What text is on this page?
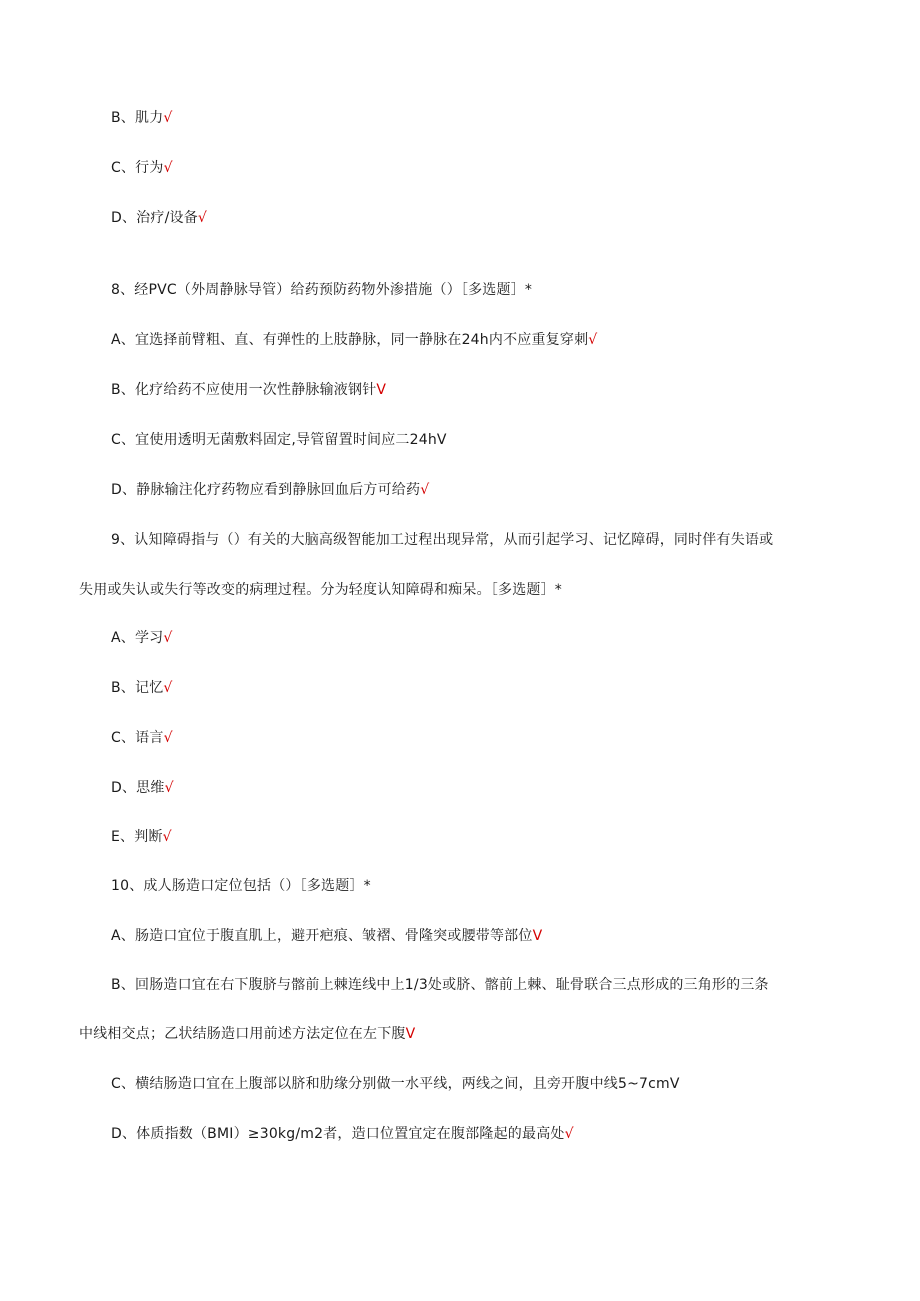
B、肌力√
C、行为√
D、治疗/设备√
8、经PVC（外周静脉导管）给药预防药物外渗措施（）［多选题］*
A、宜选择前臂粗、直、有弹性的上肢静脉，同一静脉在24h内不应重复穿刺√
B、化疗给药不应使用一次性静脉输液钢针V
C、宜使用透明无菌敷料固定,导管留置时间应二24hV
D、静脉输注化疗药物应看到静脉回血后方可给药√
9、认知障碍指与（）有关的大脑高级智能加工过程出现异常，从而引起学习、记忆障碍，同时伴有失语或
失用或失认或失行等改变的病理过程。分为轻度认知障碍和痴呆。［多选题］*
A、学习√
B、记忆√
C、语言√
D、思维√
E、判断√
10、成人肠造口定位包括（）［多选题］*
A、肠造口宜位于腹直肌上，避开疤痕、皱褶、骨隆突或腰带等部位V
B、回肠造口宜在右下腹脐与髂前上棘连线中上1/3处或脐、髂前上棘、耻骨联合三点形成的三角形的三条
中线相交点；乙状结肠造口用前述方法定位在左下腹V
C、横结肠造口宜在上腹部以脐和肋缘分别做一水平线，两线之间，且旁开腹中线5~7cmV
D、体质指数（BMI）≥30kg/m2者，造口位置宜定在腹部隆起的最高处√
